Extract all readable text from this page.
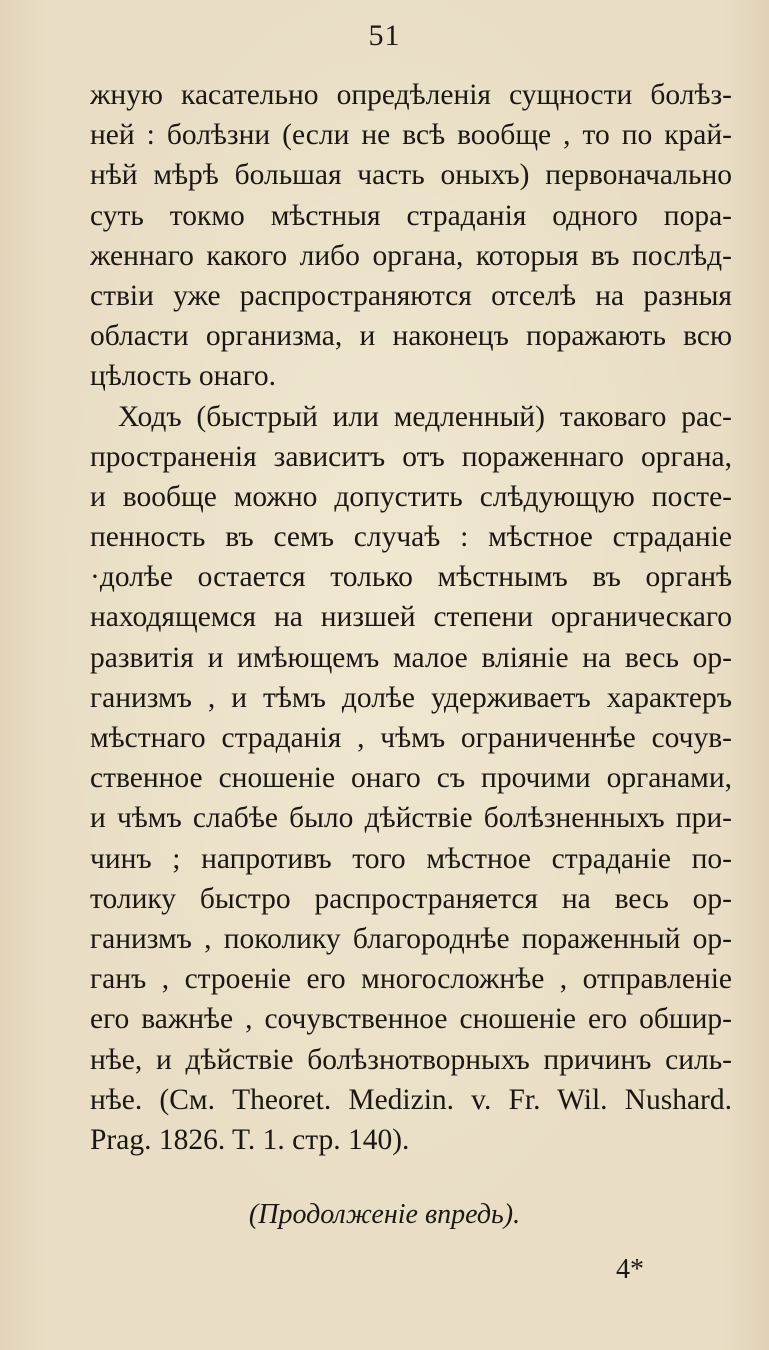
51
жную касательно опредѣленія сущности болѣз-
ней : болѣзни (если не всѣ вообще , то по край-
нѣй мѣрѣ большая часть оныхъ) первоначально
суть токмо мѣстныя страданія одного пора-
женнаго какого либо органа, которыя въ послѣд-
ствіи уже распространяются отселѣ на разныя
области организма, и наконецъ поражають всю
цѣлость онаго.
Ходъ (быстрый или медленный) таковаго рас-
пространенія зависитъ отъ пораженнаго органа,
и вообще можно допустить слѣдующую посте-
пенность въ семъ случаѣ : мѣстное страданіе
·долѣе остается только мѣстнымъ въ органѣ
находящемся на низшей степени органическаго
развитія и имѣющемъ малое вліяніе на весь ор-
ганизмъ , и тѣмъ долѣе удерживаетъ характеръ
мѣстнаго страданія , чѣмъ ограниченнѣе сочув-
ственное сношеніе онаго съ прочими органами,
и чѣмъ слабѣе было дѣйствіе болѣзненныхъ при-
чинъ ; напротивъ того мѣстное страданіе по-
толику быстро распространяется на весь ор-
ганизмъ , поколику благороднѣе пораженный ор-
ганъ , строеніе его многосложнѣе , отправленіе
его важнѣе , сочувственное сношеніе его обшир-
нѣе, и дѣйствіе болѣзнотворныхъ причинъ силь-
нѣе. (См. Theoret. Medizin. v. Fr. Wil. Nushard.
Prag. 1826. T. 1. стр. 140).
(Продолженіе впредь).
4*
